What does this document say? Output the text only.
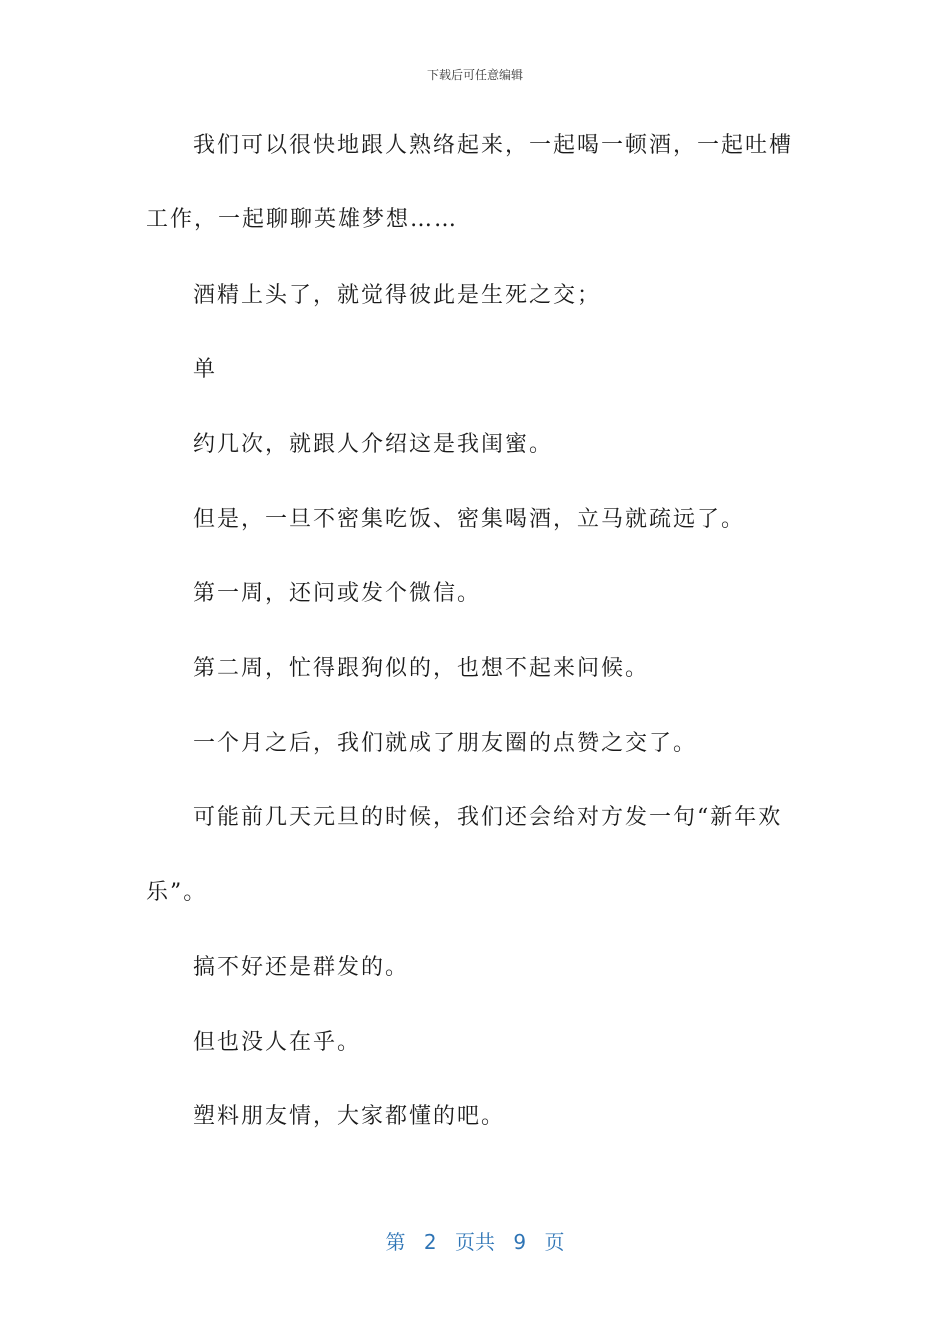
下载后可任意编辑
我们可以很快地跟人熟络起来，一起喝一顿酒，一起吐槽
工作，一起聊聊英雄梦想……
酒精上头了，就觉得彼此是生死之交；
单
约几次，就跟人介绍这是我闺蜜。
但是，一旦不密集吃饭、密集喝酒，立马就疏远了。
第一周，还问或发个微信。
第二周，忙得跟狗似的，也想不起来问候。
一个月之后，我们就成了朋友圈的点赞之交了。
可能前几天元旦的时候，我们还会给对方发一句“新年欢
乐”。
搞不好还是群发的。
但也没人在乎。
塑料朋友情，大家都懂的吧。
第 2 页共 9 页
